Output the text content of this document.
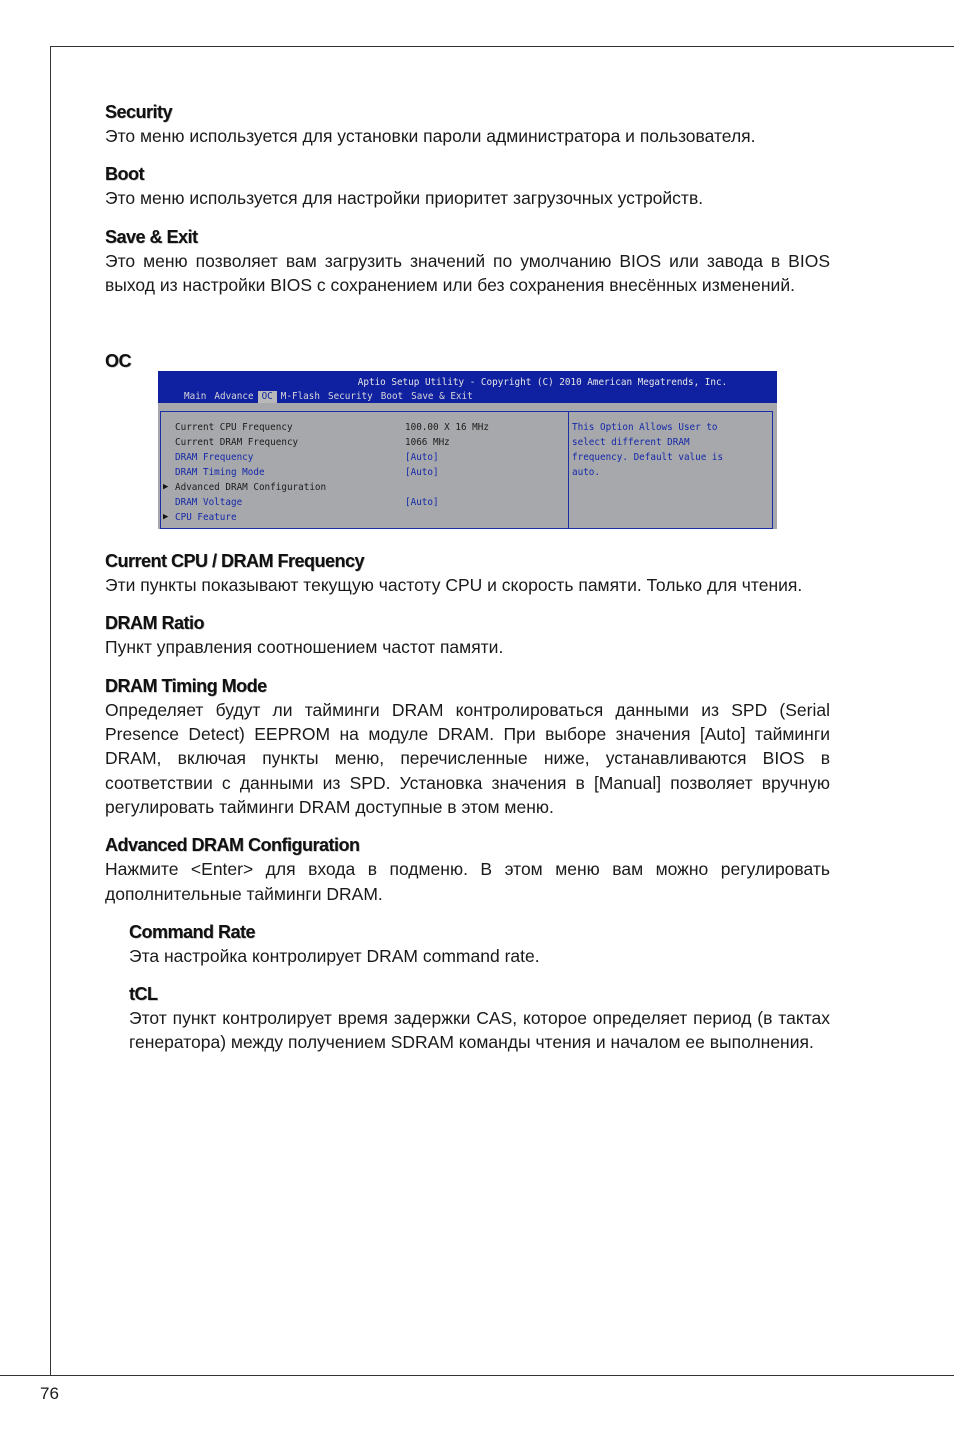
Security

Это меню используется для установки пароли администратора и пользователя.

Boot

Это меню используется для настройки приоритет загрузочных устройств.

Save & Exit

Это меню позволяет вам загрузить значений по умолчанию BIOS или завода в BIOS выход из настройки BIOS с сохранением или без сохранения внесённых изменений.

OC

Aptio Setup Utility - Copyright (C) 2010 American Megatrends, Inc.
Main Advance OC M-Flash Security Boot Save & Exit
Current CPU Frequency	100.00 X 16 MHz
Current DRAM Frequency	1066 MHz
DRAM Frequency	[Auto]
DRAM Timing Mode	[Auto]
▶ Advanced DRAM Configuration
DRAM Voltage	[Auto]
▶ CPU Feature
This Option Allows User to
select different DRAM
frequency. Default value is
auto.

Current CPU / DRAM Frequency

Эти пункты показывают текущую частоту CPU и скорость памяти. Только для чтения.

DRAM Ratio

Пункт управления соотношением частот памяти.

DRAM Timing Mode

Определяет будут ли тайминги DRAM контролироваться данными из SPD (Serial Presence Detect) EEPROM на модуле DRAM. При выборе значения [Auto] тайминги DRAM, включая пункты меню, перечисленные ниже, устанавливаются BIOS в соответствии с данными из SPD. Установка значения в [Manual] позволяет вручную регулировать тайминги DRAM доступные в этом меню.

Advanced DRAM Configuration

Нажмите <Enter> для входа в подменю. В этом меню вам можно регулировать дополнительные тайминги DRAM.

Command Rate

Эта настройка контролирует DRAM command rate.

tCL

Этот пункт контролирует время задержки CAS, которое определяет период (в тактах генератора) между получением SDRAM команды чтения и началом ее выполнения.

76
